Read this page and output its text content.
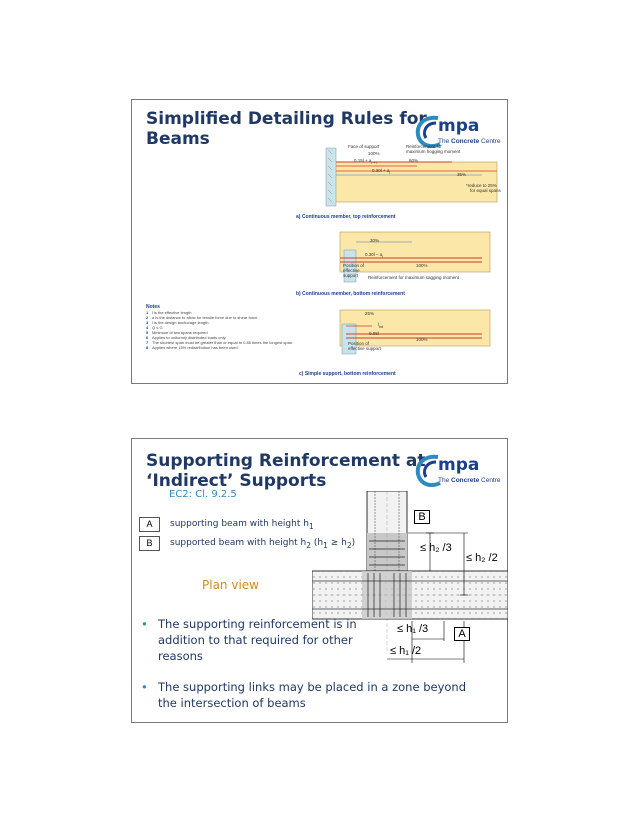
Simplified Detailing Rules for
Beams
mpa
The Concrete Centre
Face of support
100%
Reinforcement for
maximum hogging moment
$0.15l + a_{l + l}$	60%
$0.30l + a_l$	35%
*reduce to 25%
for equal spans
a) Continuous member, top reinforcement
30%
$0.30l - a_l$
Position of
effective
support
100%
Reinforcement for maximum sagging moment
b) Continuous member, bottom reinforcement
25%
$l_{bd}$
0.08l
100%
Position of
effective support
c) Simple support, bottom reinforcement
Notes
1 l is the effective length
2 a is the distance to allow for tensile force due to shear force.
3 l is the design anchorage length.
4 Q ≤ G
5 Minimum of two spans required
6 Applies to uniformly distributed loads only.
7 The shortest span must be greater than or equal to 0.85 times the longest span.
8 Applies where 15% redistribution has been used.
Supporting Reinforcement at
‘Indirect’ Supports
mpa
The Concrete Centre
EC2: Cl. 9.2.5
A	supporting beam with height $h_1$
B	supported beam with height $h_2$ $(h_1 \ge h_2)$
Plan view
B
A
≤ h₂ /3
≤ h₂ /2
≤ h₁ /3
≤ h₁ /2
• The supporting reinforcement is in
addition to that required for other
reasons
• The supporting links may be placed in a zone beyond
the intersection of beams
